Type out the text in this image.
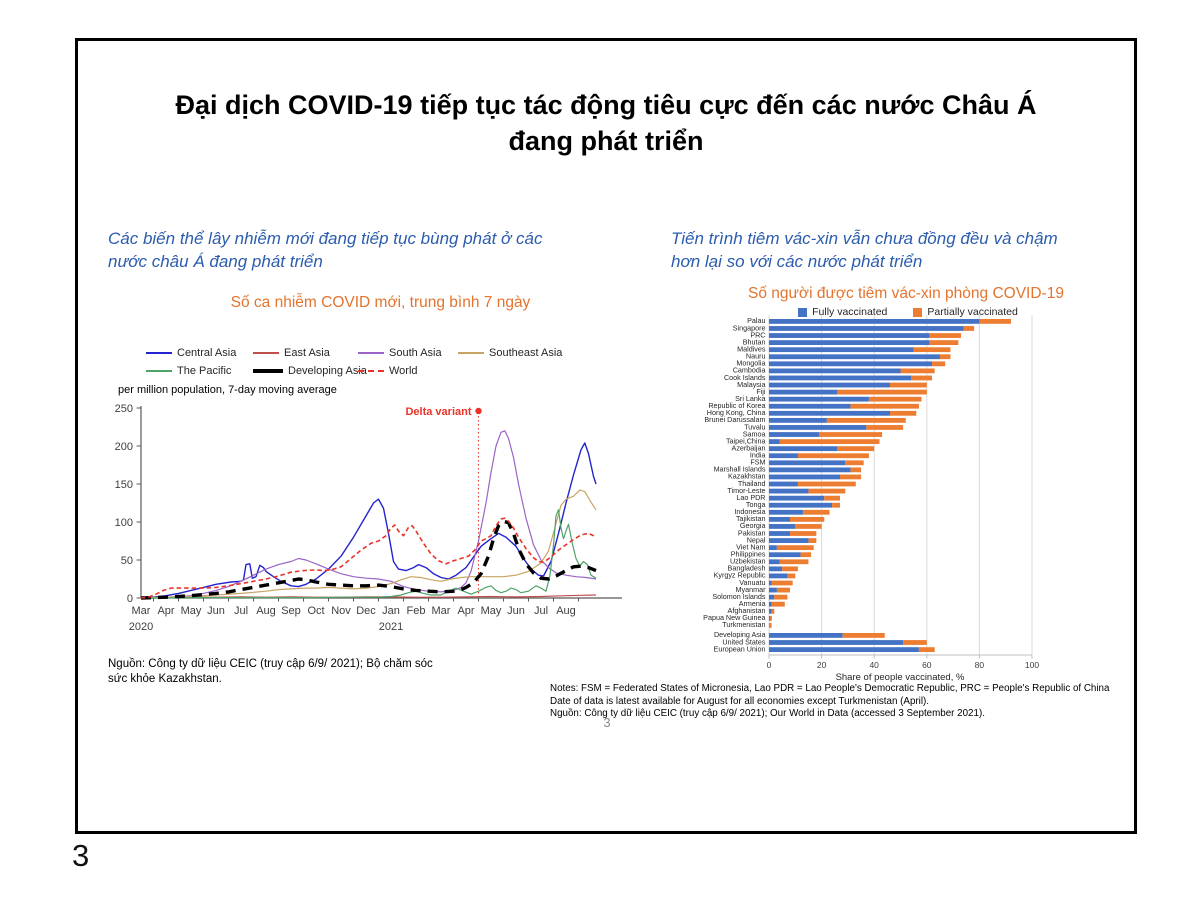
Đại dịch COVID-19 tiếp tục tác động tiêu cực đến các nước Châu Á
đang phát triển
Các biến thể lây nhiễm mới đang tiếp tục bùng phát ở các
nước châu Á đang phát triển
Tiến trình tiêm vác-xin vẫn chưa đồng đều và chậm
hơn lại so với các nước phát triển
Số ca nhiễm COVID mới, trung bình 7 ngày
Số người được tiêm vác-xin phòng COVID-19
Central Asia	East Asia	South Asia	Southeast Asia
The Pacific	Developing Asia World
per million population, 7-day moving average
0
50
100
150
200
250
Mar Apr May Jun Jul Aug Sep Oct Nov Dec Jan Feb Mar Apr May Jun Jul Aug
2020	2021
Delta variant
Nguồn: Công ty dữ liệu CEIC (truy cập 6/9/ 2021); Bộ chăm sóc
sức khỏe Kazakhstan.
Fully vaccinated	Partially vaccinated
0	20	40	60	80	100
Share of people vaccinated, %
Palau
Singapore
PRC
Bhutan
Maldives
Nauru
Mongolia
Cambodia
Cook Islands
Malaysia
Fiji
Sri Lanka
Republic of Korea
Hong Kong, China
Brunei Darussalam
Tuvalu
Samoa
Taipei,China
Azerbaijan
India
FSM
Marshall Islands
Kazakhstan
Thailand
Timor-Leste
Lao PDR
Tonga
Indonesia
Tajikistan
Georgia
Pakistan
Nepal
Viet Nam
Philippines
Uzbekistan
Bangladesh
Kyrgyz Republic
Vanuatu
Myanmar
Solomon Islands
Armenia
Afghanistan
Papua New Guinea
Turkmenistan
Developing Asia
United States
European Union
Notes: FSM = Federated States of Micronesia, Lao PDR = Lao People's Democratic Republic, PRC = People's Republic of China
Date of data is latest available for August for all economies except Turkmenistan (April).
Nguồn: Công ty dữ liệu CEIC (truy cập 6/9/ 2021); Our World in Data (accessed 3 September 2021).
3
3
